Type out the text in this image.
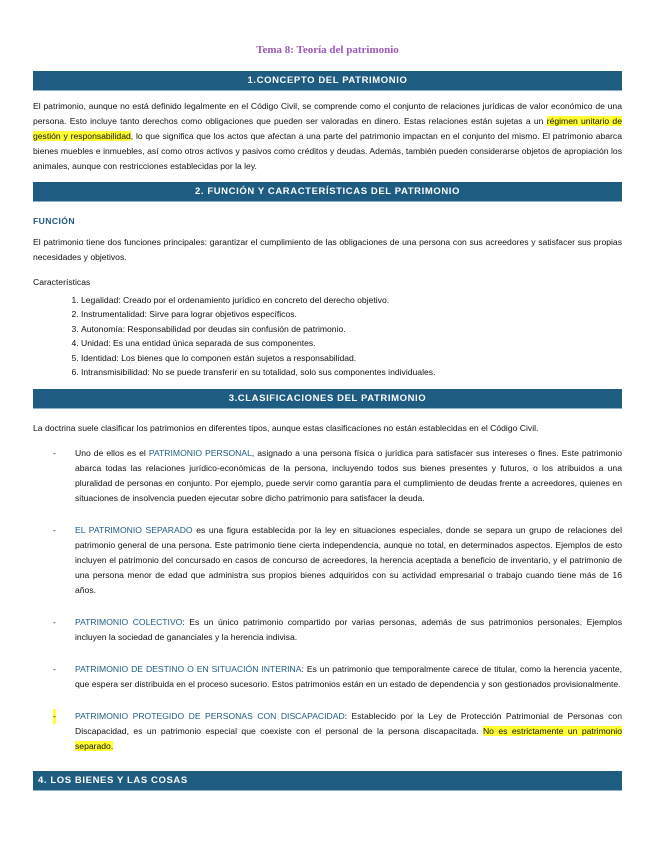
Tema 8: Teoría del patrimonio
1.CONCEPTO DEL PATRIMONIO

El patrimonio, aunque no está definido legalmente en el Código Civil, se comprende como el conjunto de relaciones jurídicas de valor económico de una persona. Esto incluye tanto derechos como obligaciones que pueden ser valoradas en dinero. Estas relaciones están sujetas a un régimen unitario de gestión y responsabilidad, lo que significa que los actos que afectan a una parte del patrimonio impactan en el conjunto del mismo. El patrimonio abarca bienes muebles e inmuebles, así como otros activos y pasivos como créditos y deudas. Además, también pueden considerarse objetos de apropiación los animales, aunque con restricciones establecidas por la ley.

2. FUNCIÓN Y CARACTERÍSTICAS DEL PATRIMONIO
FUNCIÓN

El patrimonio tiene dos funciones principales: garantizar el cumplimiento de las obligaciones de una persona con sus acreedores y satisfacer sus propias necesidades y objetivos.

Características
1. Legalidad: Creado por el ordenamiento jurídico en concreto del derecho objetivo.
2. Instrumentalidad: Sirve para lograr objetivos específicos.
3. Autonomía: Responsabilidad por deudas sin confusión de patrimonio.
4. Unidad: Es una entidad única separada de sus componentes.
5. Identidad: Los bienes que lo componen están sujetos a responsabilidad.
6. Intransmisibilidad: No se puede transferir en su totalidad, solo sus componentes individuales.
3.CLASIFICACIONES DEL PATRIMONIO

La doctrina suele clasificar los patrimonios en diferentes tipos, aunque estas clasificaciones no están establecidas en el Código Civil.

- Uno de ellos es el PATRIMONIO PERSONAL, asignado a una persona física o jurídica para satisfacer sus intereses o fines. Este patrimonio abarca todas las relaciones jurídico-económicas de la persona, incluyendo todos sus bienes presentes y futuros, o los atribuidos a una pluralidad de personas en conjunto. Por ejemplo, puede servir como garantía para el cumplimiento de deudas frente a acreedores, quienes en situaciones de insolvencia pueden ejecutar sobre dicho patrimonio para satisfacer la deuda.
- EL PATRIMONIO SEPARADO es una figura establecida por la ley en situaciones especiales, donde se separa un grupo de relaciones del patrimonio general de una persona. Este patrimonio tiene cierta independencia, aunque no total, en determinados aspectos. Ejemplos de esto incluyen el patrimonio del concursado en casos de concurso de acreedores, la herencia aceptada a beneficio de inventario, y el patrimonio de una persona menor de edad que administra sus propios bienes adquiridos con su actividad empresarial o trabajo cuando tiene más de 16 años.
- PATRIMONIO COLECTIVO: Es un único patrimonio compartido por varias personas, además de sus patrimonios personales. Ejemplos incluyen la sociedad de gananciales y la herencia indivisa.
- PATRIMONIO DE DESTINO O EN SITUACIÓN INTERINA: Es un patrimonio que temporalmente carece de titular, como la herencia yacente, que espera ser distribuida en el proceso sucesorio. Estos patrimonios están en un estado de dependencia y son gestionados provisionalmente.
- PATRIMONIO PROTEGIDO DE PERSONAS CON DISCAPACIDAD: Establecido por la Ley de Protección Patrimonial de Personas con Discapacidad, es un patrimonio especial que coexiste con el personal de la persona discapacitada. No es estrictamente un patrimonio separado.
4. LOS BIENES Y LAS COSAS
